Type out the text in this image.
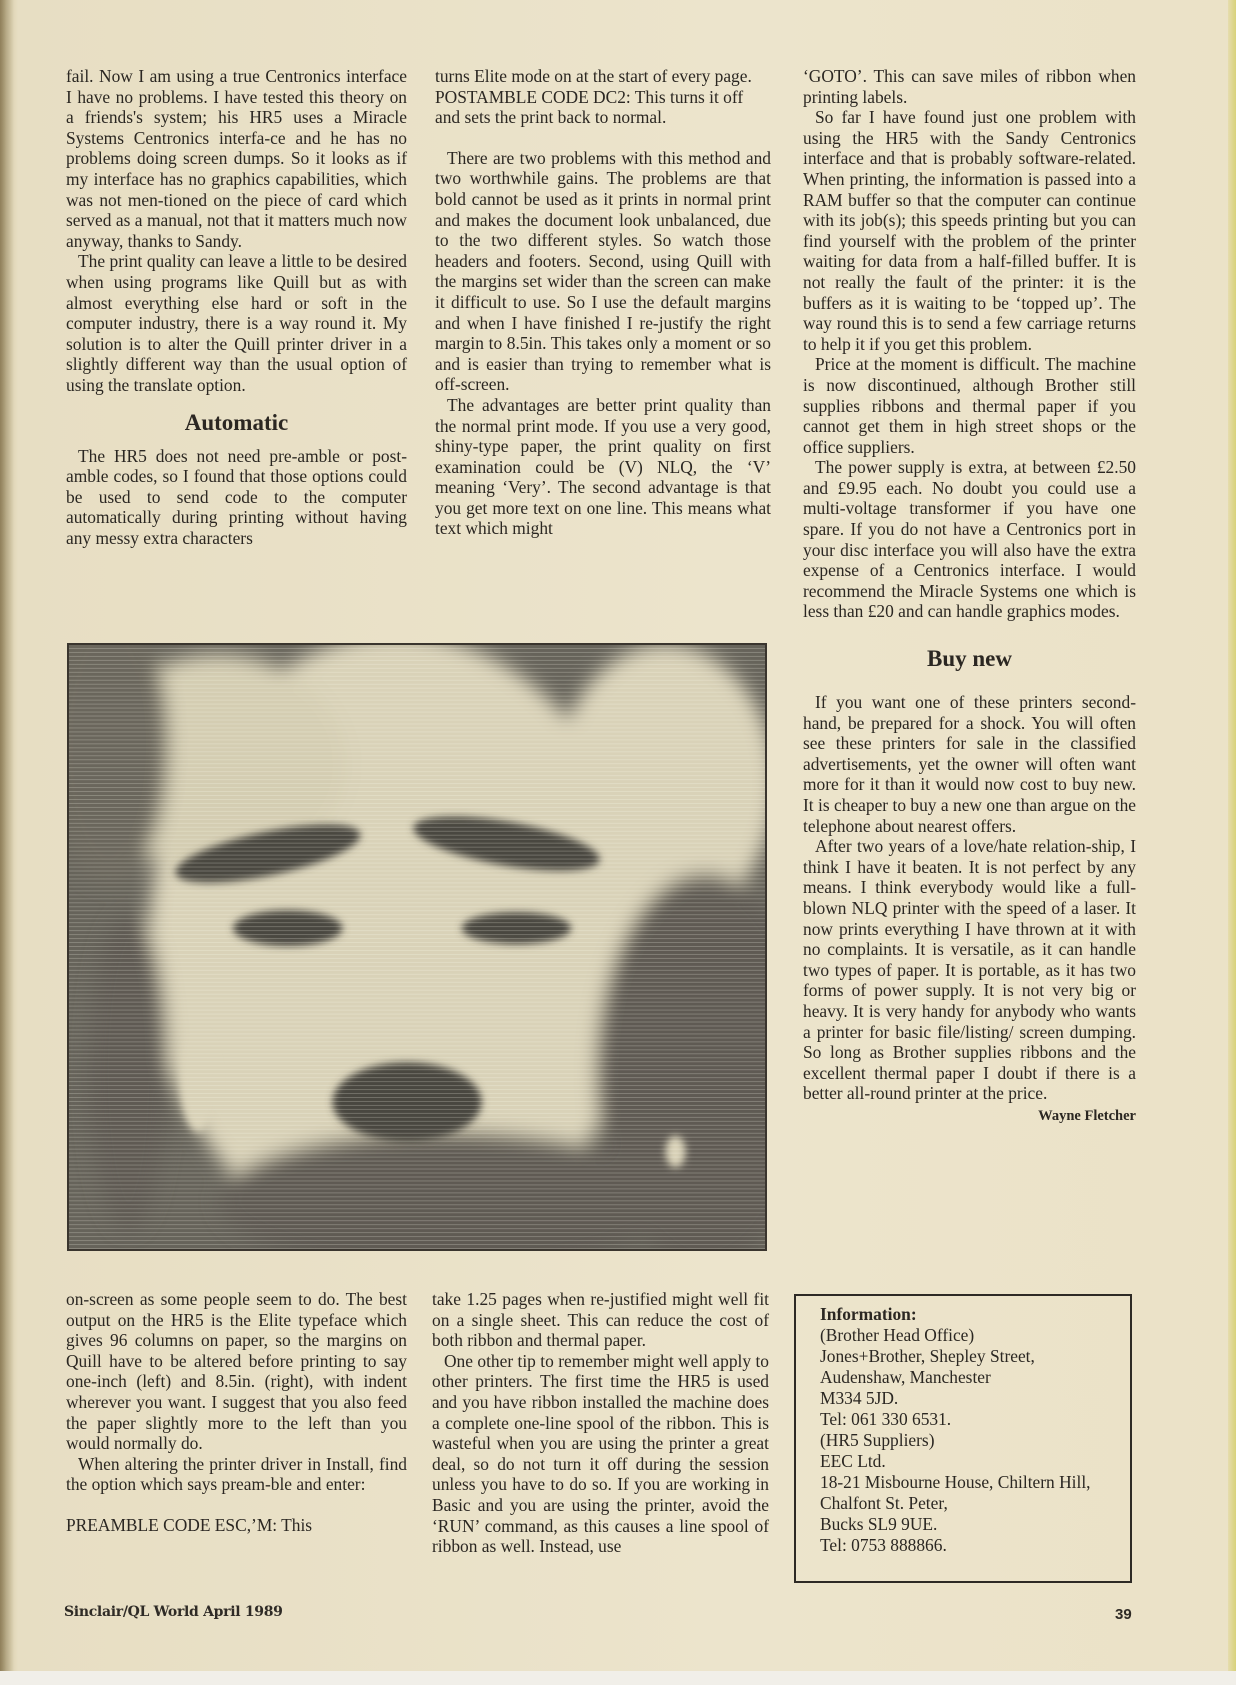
fail. Now I am using a true Centronics interface I have no problems. I have tested this theory on a friends's system; his HR5 uses a Miracle Systems Centronics interfa-ce and he has no problems doing screen dumps. So it looks as if my interface has no graphics capabilities, which was not men-tioned on the piece of card which served as a manual, not that it matters much now anyway, thanks to Sandy.

The print quality can leave a little to be desired when using programs like Quill but as with almost everything else hard or soft in the computer industry, there is a way round it. My solution is to alter the Quill printer driver in a slightly different way than the usual option of using the translate option.

Automatic

The HR5 does not need pre-amble or post-amble codes, so I found that those options could be used to send code to the computer automatically during printing without having any messy extra characters

turns Elite mode on at the start of every page.

POSTAMBLE CODE DC2: This turns it off and sets the print back to normal.

There are two problems with this method and two worthwhile gains. The problems are that bold cannot be used as it prints in normal print and makes the document look unbalanced, due to the two different styles. So watch those headers and footers. Second, using Quill with the margins set wider than the screen can make it difficult to use. So I use the default margins and when I have finished I re-justify the right margin to 8.5in. This takes only a moment or so and is easier than trying to remember what is off-screen.

The advantages are better print quality than the normal print mode. If you use a very good, shiny-type paper, the print quality on first examination could be (V) NLQ, the ‘V’ meaning ‘Very’. The second advantage is that you get more text on one line. This means what text which might

‘GOTO’. This can save miles of ribbon when printing labels.

So far I have found just one problem with using the HR5 with the Sandy Centronics interface and that is probably software-related. When printing, the information is passed into a RAM buffer so that the computer can continue with its job(s); this speeds printing but you can find yourself with the problem of the printer waiting for data from a half-filled buffer. It is not really the fault of the printer: it is the buffers as it is waiting to be ‘topped up’. The way round this is to send a few carriage returns to help it if you get this problem.

Price at the moment is difficult. The machine is now discontinued, although Brother still supplies ribbons and thermal paper if you cannot get them in high street shops or the office suppliers.

The power supply is extra, at between £2.50 and £9.95 each. No doubt you could use a multi-voltage transformer if you have one spare. If you do not have a Centronics port in your disc interface you will also have the extra expense of a Centronics interface. I would recommend the Miracle Systems one which is less than £20 and can handle graphics modes.

Buy new

If you want one of these printers second-hand, be prepared for a shock. You will often see these printers for sale in the classified advertisements, yet the owner will often want more for it than it would now cost to buy new. It is cheaper to buy a new one than argue on the telephone about nearest offers.

After two years of a love/hate relation-ship, I think I have it beaten. It is not perfect by any means. I think everybody would like a full-blown NLQ printer with the speed of a laser. It now prints everything I have thrown at it with no complaints. It is versatile, as it can handle two types of paper. It is portable, as it has two forms of power supply. It is not very big or heavy. It is very handy for anybody who wants a printer for basic file/listing/ screen dumping. So long as Brother supplies ribbons and the excellent thermal paper I doubt if there is a better all-round printer at the price.

Wayne Fletcher

on-screen as some people seem to do. The best output on the HR5 is the Elite typeface which gives 96 columns on paper, so the margins on Quill have to be altered before printing to say one-inch (left) and 8.5in. (right), with indent wherever you want. I suggest that you also feed the paper slightly more to the left than you would normally do.

When altering the printer driver in Install, find the option which says pream-ble and enter:

PREAMBLE CODE ESC,’M: This

take 1.25 pages when re-justified might well fit on a single sheet. This can reduce the cost of both ribbon and thermal paper.

One other tip to remember might well apply to other printers. The first time the HR5 is used and you have ribbon installed the machine does a complete one-line spool of the ribbon. This is wasteful when you are using the printer a great deal, so do not turn it off during the session unless you have to do so. If you are working in Basic and you are using the printer, avoid the ‘RUN’ command, as this causes a line spool of ribbon as well. Instead, use

Information:
(Brother Head Office)
Jones+Brother, Shepley Street,
Audenshaw, Manchester
M334 5JD.
Tel: 061 330 6531.
(HR5 Suppliers)
EEC Ltd.
18-21 Misbourne House, Chiltern Hill,
Chalfont St. Peter,
Bucks SL9 9UE.
Tel: 0753 888866.
Sinclair/QL World April 1989	39
